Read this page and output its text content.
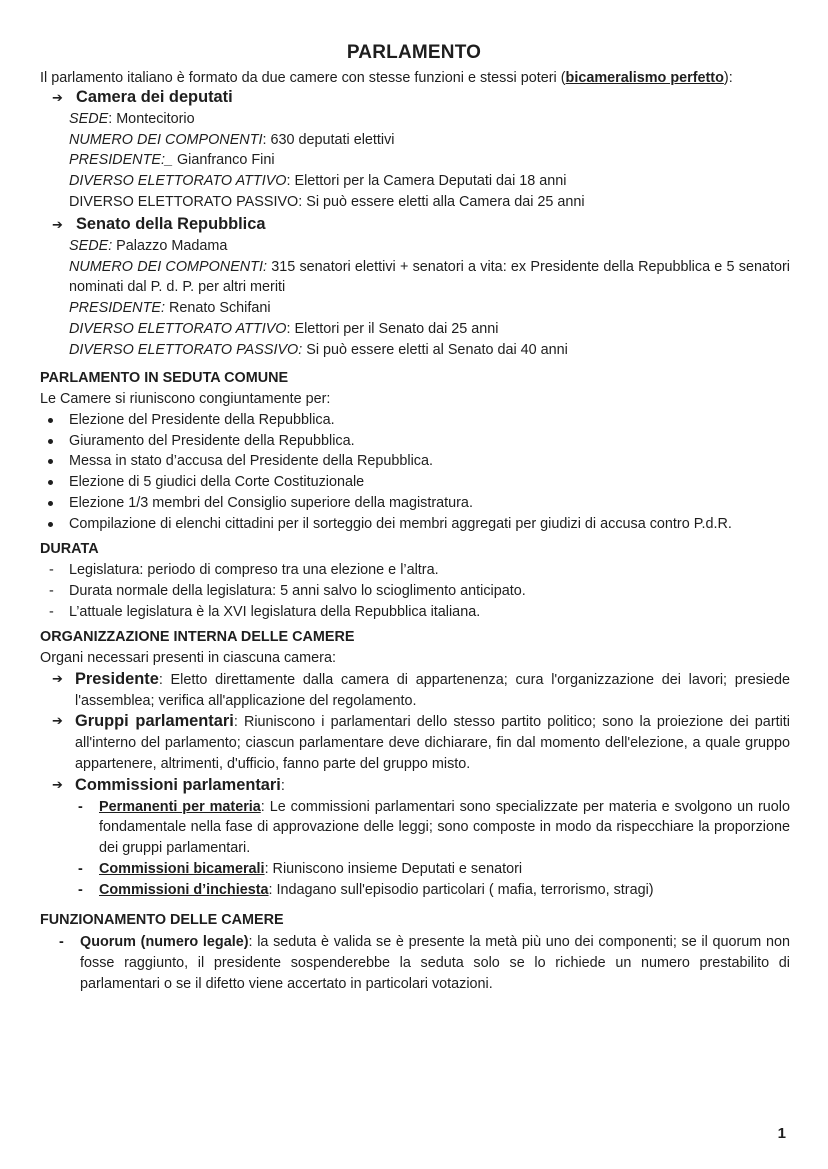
PARLAMENTO
Il parlamento italiano è formato da due camere con stesse funzioni e stessi poteri (bicameralismo perfetto):
➔ Camera dei deputati
SEDE: Montecitorio
NUMERO DEI COMPONENTI: 630 deputati elettivi
PRESIDENTE:_ Gianfranco Fini
DIVERSO ELETTORATO ATTIVO: Elettori per la Camera Deputati dai 18 anni
DIVERSO ELETTORATO PASSIVO: Si può essere eletti alla Camera dai 25 anni
➔ Senato della Repubblica
SEDE: Palazzo Madama
NUMERO DEI COMPONENTI: 315 senatori elettivi + senatori a vita: ex Presidente della Repubblica e 5 senatori nominati dal P. d. P. per altri meriti
PRESIDENTE: Renato Schifani
DIVERSO ELETTORATO ATTIVO: Elettori per il Senato dai 25 anni
DIVERSO ELETTORATO PASSIVO: Si può essere eletti al Senato dai 40 anni
PARLAMENTO IN SEDUTA COMUNE
Le Camere si riuniscono congiuntamente per:
Elezione del Presidente della Repubblica.
Giuramento del Presidente della Repubblica.
Messa in stato d’accusa del Presidente della Repubblica.
Elezione di 5 giudici della Corte Costituzionale
Elezione 1/3 membri del Consiglio superiore della magistratura.
Compilazione di elenchi cittadini per il sorteggio dei membri aggregati per giudizi di accusa contro P.d.R.
DURATA
- Legislatura: periodo di compreso tra una elezione e l’altra.
- Durata normale della legislatura: 5 anni salvo lo scioglimento anticipato.
- L’attuale legislatura è la XVI legislatura della Repubblica italiana.
ORGANIZZAZIONE INTERNA DELLE CAMERE
Organi necessari presenti in ciascuna camera:
➔ Presidente: Eletto direttamente dalla camera di appartenenza; cura l'organizzazione dei lavori; presiede l'assemblea; verifica all'applicazione del regolamento.
➔ Gruppi parlamentari: Riuniscono i parlamentari dello stesso partito politico; sono la proiezione dei partiti all'interno del parlamento; ciascun parlamentare deve dichiarare, fin dal momento dell'elezione, a quale gruppo appartenere, altrimenti, d'ufficio, fanno parte del gruppo misto.
➔ Commissioni parlamentari:
- Permanenti per materia: Le commissioni parlamentari sono specializzate per materia e svolgono un ruolo fondamentale nella fase di approvazione delle leggi; sono composte in modo da rispecchiare la proporzione dei gruppi parlamentari.
- Commissioni bicamerali: Riuniscono insieme Deputati e senatori
- Commissioni d’inchiesta: Indagano sull'episodio particolari ( mafia, terrorismo, stragi)
FUNZIONAMENTO DELLE CAMERE
- Quorum (numero legale): la seduta è valida se è presente la metà più uno dei componenti; se il quorum non fosse raggiunto, il presidente sospenderebbe la seduta solo se lo richiede un numero prestabilito di parlamentari o se il difetto viene accertato in particolari votazioni.
1
